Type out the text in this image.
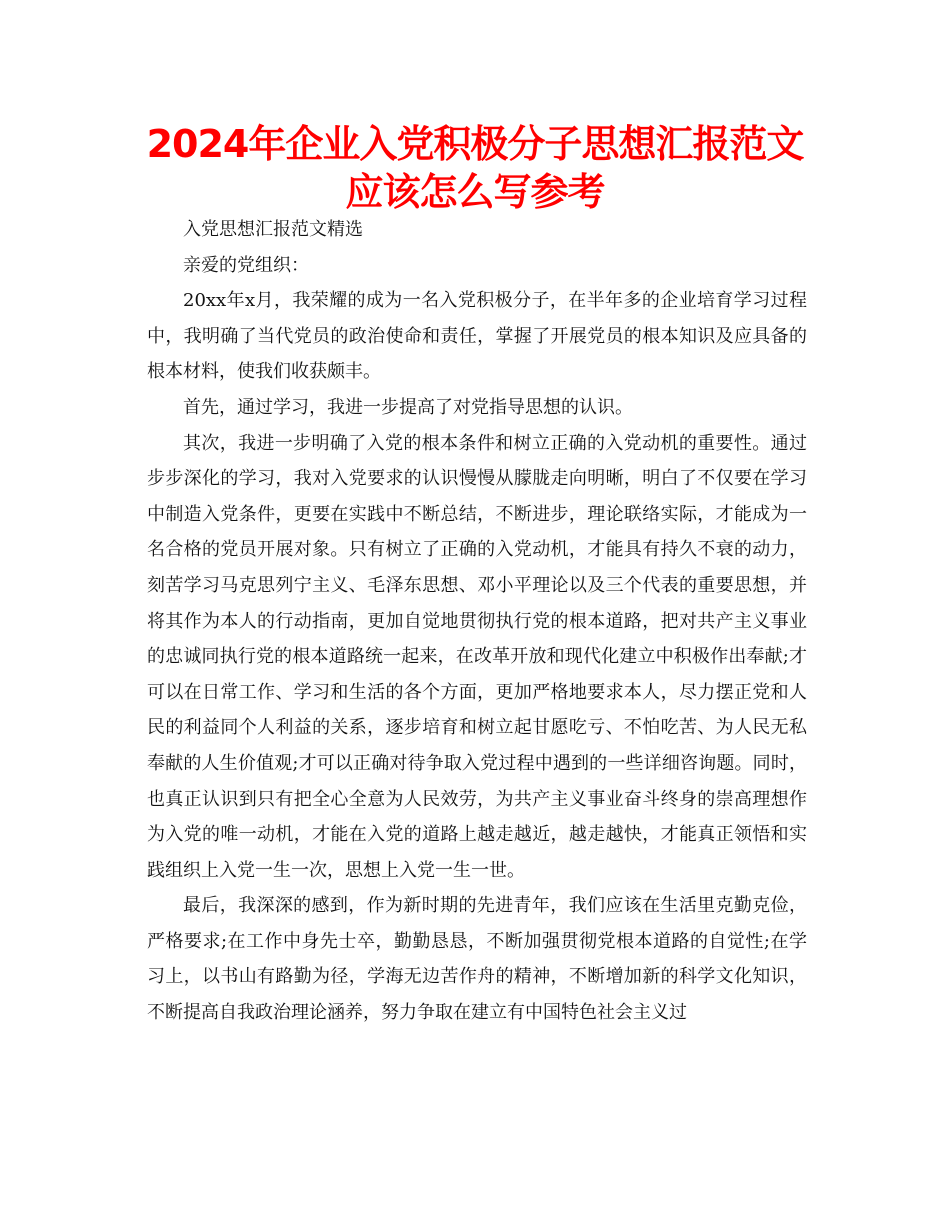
2024年企业入党积极分子思想汇报范文
应该怎么写参考

入党思想汇报范文精选

亲爱的党组织：

20xx年x月，我荣耀的成为一名入党积极分子，在半年多的企业培育学习过程中，我明确了当代党员的政治使命和责任，掌握了开展党员的根本知识及应具备的根本材料，使我们收获颇丰。

首先，通过学习，我进一步提高了对党指导思想的认识。

其次，我进一步明确了入党的根本条件和树立正确的入党动机的重要性。通过步步深化的学习，我对入党要求的认识慢慢从朦胧走向明晰，明白了不仅要在学习中制造入党条件，更要在实践中不断总结，不断进步，理论联络实际，才能成为一名合格的党员开展对象。只有树立了正确的入党动机，才能具有持久不衰的动力，刻苦学习马克思列宁主义、毛泽东思想、邓小平理论以及三个代表的重要思想，并将其作为本人的行动指南，更加自觉地贯彻执行党的根本道路，把对共产主义事业的忠诚同执行党的根本道路统一起来，在改革开放和现代化建立中积极作出奉献;才可以在日常工作、学习和生活的各个方面，更加严格地要求本人，尽力摆正党和人民的利益同个人利益的关系，逐步培育和树立起甘愿吃亏、不怕吃苦、为人民无私奉献的人生价值观;才可以正确对待争取入党过程中遇到的一些详细咨询题。同时，也真正认识到只有把全心全意为人民效劳，为共产主义事业奋斗终身的崇高理想作为入党的唯一动机，才能在入党的道路上越走越近，越走越快，才能真正领悟和实践组织上入党一生一次，思想上入党一生一世。

最后，我深深的感到，作为新时期的先进青年，我们应该在生活里克勤克俭，严格要求;在工作中身先士卒，勤勤恳恳，不断加强贯彻党根本道路的自觉性;在学习上，以书山有路勤为径，学海无边苦作舟的精神，不断增加新的科学文化知识，不断提高自我政治理论涵养，努力争取在建立有中国特色社会主义过
